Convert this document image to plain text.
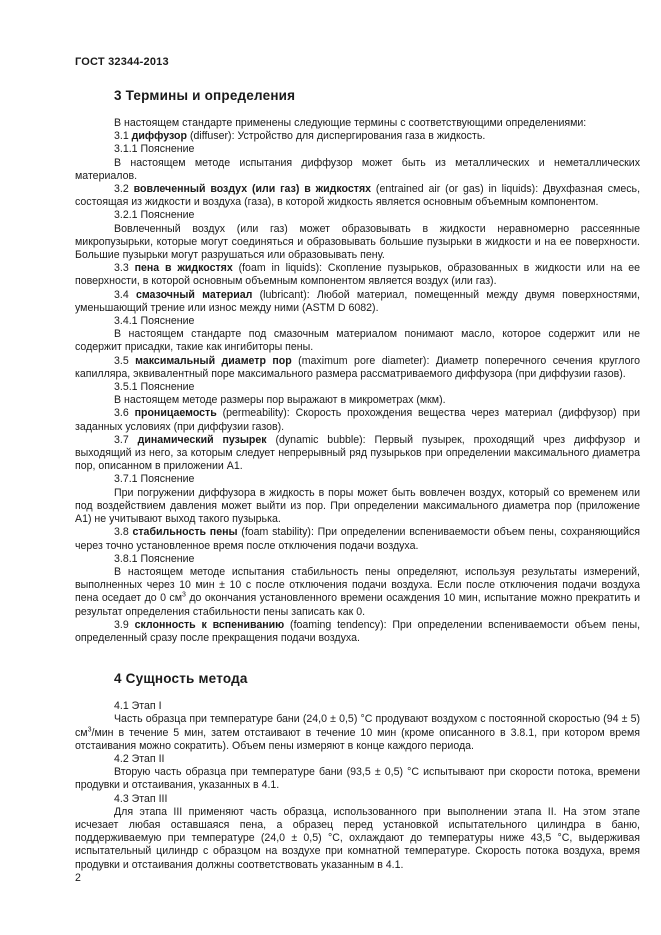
ГОСТ 32344-2013
3 Термины и определения

В настоящем стандарте применены следующие термины с соответствующими определениями:

3.1 диффузор (diffuser): Устройство для диспергирования газа в жидкость.

3.1.1 Пояснение

В настоящем методе испытания диффузор может быть из металлических и неметаллических материалов.

3.2 вовлеченный воздух (или газ) в жидкостях (entrained air (or gas) in liquids): Двухфазная смесь, состоящая из жидкости и воздуха (газа), в которой жидкость является основным объемным компонентом.

3.2.1 Пояснение

Вовлеченный воздух (или газ) может образовывать в жидкости неравномерно рассеянные микропузырьки, которые могут соединяться и образовывать большие пузырьки в жидкости и на ее поверхности. Большие пузырьки могут разрушаться или образовывать пену.

3.3 пена в жидкостях (foam in liquids): Скопление пузырьков, образованных в жидкости или на ее поверхности, в которой основным объемным компонентом является воздух (или газ).

3.4 смазочный материал (lubricant): Любой материал, помещенный между двумя поверхностями, уменьшающий трение или износ между ними (ASTM D 6082).

3.4.1 Пояснение

В настоящем стандарте под смазочным материалом понимают масло, которое содержит или не содержит присадки, такие как ингибиторы пены.

3.5 максимальный диаметр пор (maximum pore diameter): Диаметр поперечного сечения круглого капилляра, эквивалентный поре максимального размера рассматриваемого диффузора (при диффузии газов).

3.5.1 Пояснение

В настоящем методе размеры пор выражают в микрометрах (мкм).

3.6 проницаемость (permeability): Скорость прохождения вещества через материал (диффузор) при заданных условиях (при диффузии газов).

3.7 динамический пузырек (dynamic bubble): Первый пузырек, проходящий чрез диффузор и выходящий из него, за которым следует непрерывный ряд пузырьков при определении максимального диаметра пор, описанном в приложении А1.

3.7.1 Пояснение

При погружении диффузора в жидкость в поры может быть вовлечен воздух, который со временем или под воздействием давления может выйти из пор. При определении максимального диаметра пор (приложение А1) не учитывают выход такого пузырька.

3.8 стабильность пены (foam stability): При определении вспениваемости объем пены, сохраняющийся через точно установленное время после отключения подачи воздуха.

3.8.1 Пояснение

В настоящем методе испытания стабильность пены определяют, используя результаты измерений, выполненных через 10 мин ± 10 с после отключения подачи воздуха. Если после отключения подачи воздуха пена оседает до 0 $см^3$ до окончания установленного времени осаждения 10 мин, испытание можно прекратить и результат определения стабильности пены записать как 0.

3.9 склонность к вспениванию (foaming tendency): При определении вспениваемости объем пены, определенный сразу после прекращения подачи воздуха.

4 Сущность метода

4.1 Этап I

Часть образца при температуре бани (24,0 ± 0,5) °С продувают воздухом с постоянной скоростью (94 ± 5) $см^3$/мин в течение 5 мин, затем отстаивают в течение 10 мин (кроме описанного в 3.8.1, при котором время отстаивания можно сократить). Объем пены измеряют в конце каждого периода.

4.2 Этап II

Вторую часть образца при температуре бани (93,5 ± 0,5) °С испытывают при скорости потока, времени продувки и отстаивания, указанных в 4.1.

4.3 Этап III

Для этапа III применяют часть образца, использованного при выполнении этапа II. На этом этапе исчезает любая оставшаяся пена, а образец перед установкой испытательного цилиндра в баню, поддерживаемую при температуре (24,0 ± 0,5) °С, охлаждают до температуры ниже 43,5 °С, выдерживая испытательный цилиндр с образцом на воздухе при комнатной температуре. Скорость потока воздуха, время продувки и отстаивания должны соответствовать указанным в 4.1.

2
